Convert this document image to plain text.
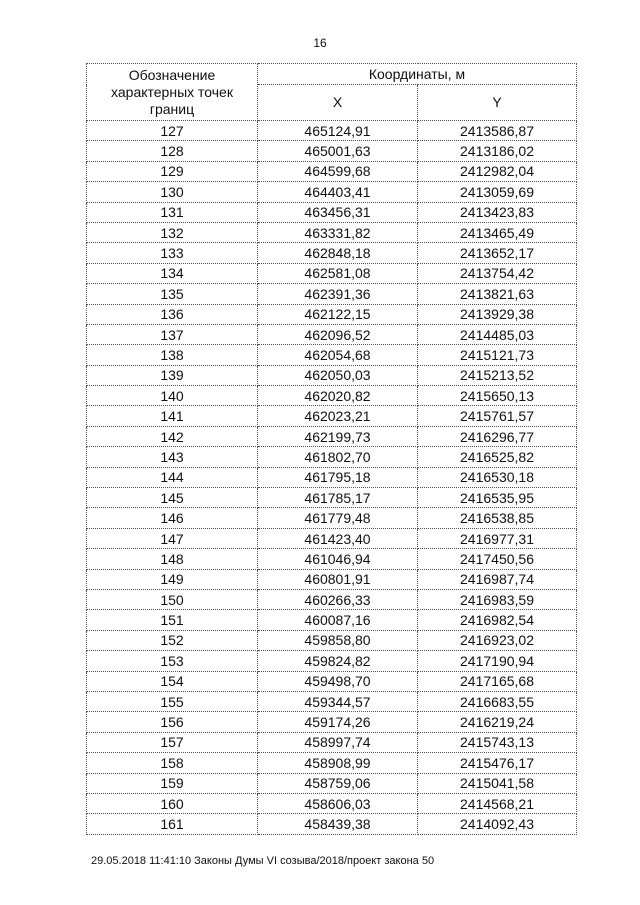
16
Обозначение характерных точек границ	Координаты, м	
	X	Y
127	465124,91	2413586,87
128	465001,63	2413186,02
129	464599,68	2412982,04
130	464403,41	2413059,69
131	463456,31	2413423,83
132	463331,82	2413465,49
133	462848,18	2413652,17
134	462581,08	2413754,42
135	462391,36	2413821,63
136	462122,15	2413929,38
137	462096,52	2414485,03
138	462054,68	2415121,73
139	462050,03	2415213,52
140	462020,82	2415650,13
141	462023,21	2415761,57
142	462199,73	2416296,77
143	461802,70	2416525,82
144	461795,18	2416530,18
145	461785,17	2416535,95
146	461779,48	2416538,85
147	461423,40	2416977,31
148	461046,94	2417450,56
149	460801,91	2416987,74
150	460266,33	2416983,59
151	460087,16	2416982,54
152	459858,80	2416923,02
153	459824,82	2417190,94
154	459498,70	2417165,68
155	459344,57	2416683,55
156	459174,26	2416219,24
157	458997,74	2415743,13
158	458908,99	2415476,17
159	458759,06	2415041,58
160	458606,03	2414568,21
161	458439,38	2414092,43
29.05.2018 11:41:10 Законы Думы VI созыва/2018/проект закона 50
